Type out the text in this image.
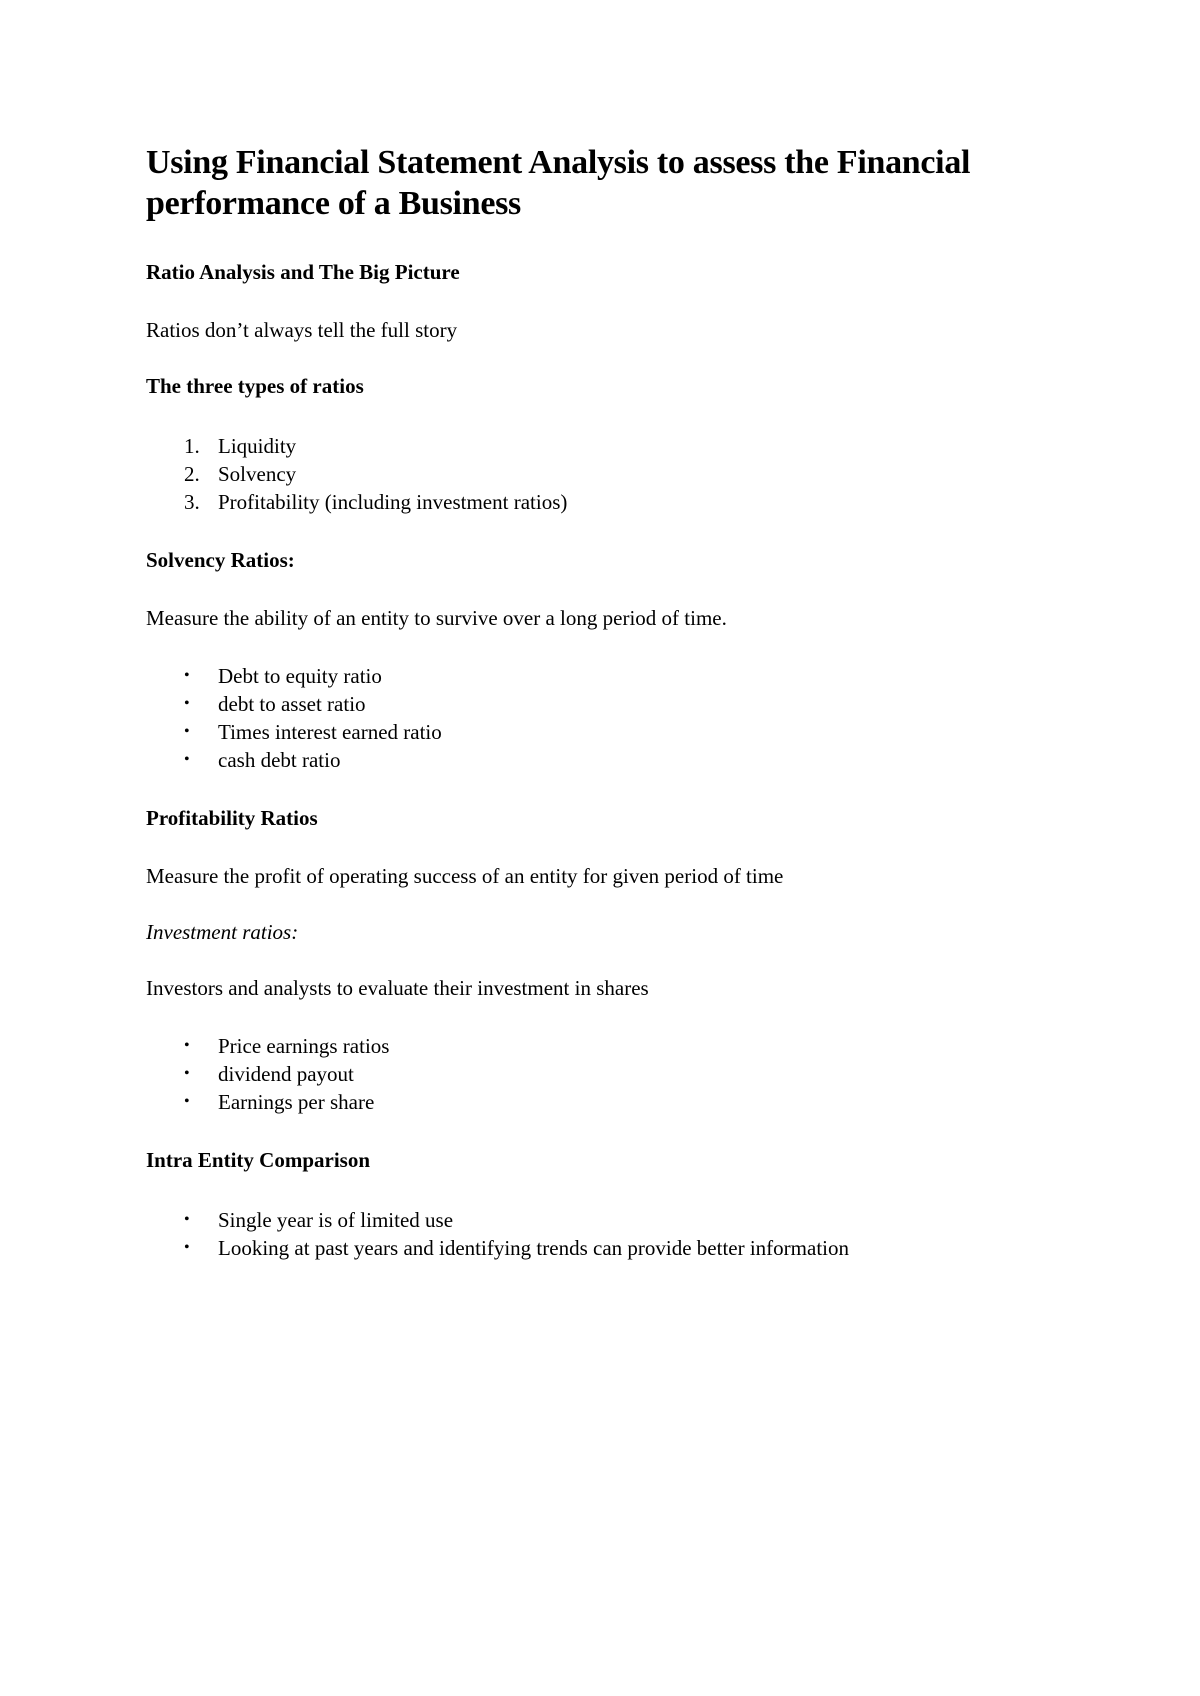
Using Financial Statement Analysis to assess the Financial performance of a Business
Ratio Analysis and The Big Picture
Ratios don’t always tell the full story
The three types of ratios
1. Liquidity
2. Solvency
3. Profitability (including investment ratios)
Solvency Ratios:
Measure the ability of an entity to survive over a long period of time.
• Debt to equity ratio
• debt to asset ratio
• Times interest earned ratio
• cash debt ratio
Profitability Ratios
Measure the profit of operating success of an entity for given period of time
Investment ratios:
Investors and analysts to evaluate their investment in shares
• Price earnings ratios
• dividend payout
• Earnings per share
Intra Entity Comparison
• Single year is of limited use
• Looking at past years and identifying trends can provide better information
